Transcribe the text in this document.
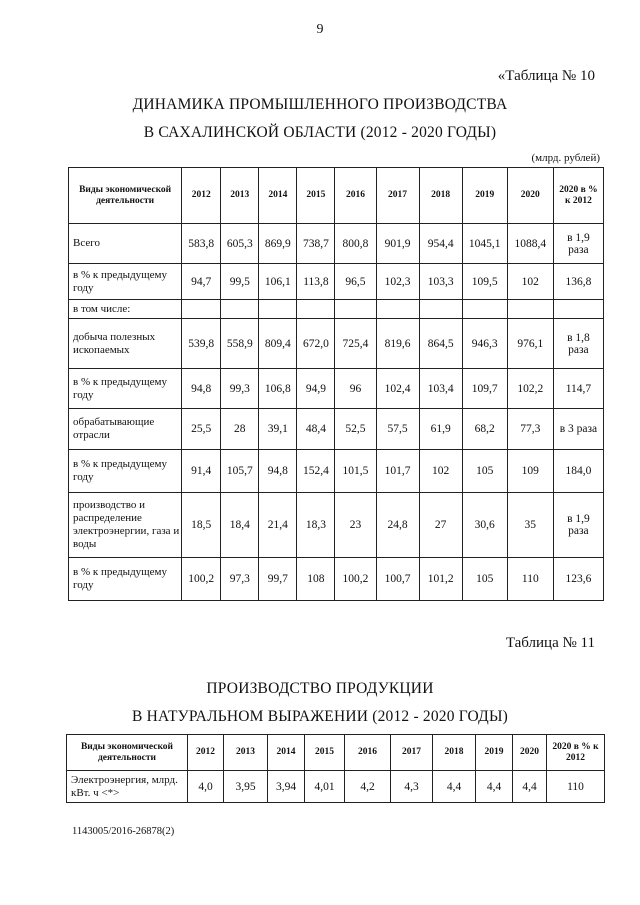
9
«Таблица № 10
ДИНАМИКА ПРОМЫШЛЕННОГО ПРОИЗВОДСТВА
В САХАЛИНСКОЙ ОБЛАСТИ (2012 - 2020 ГОДЫ)
(млрд. рублей)
Виды экономической деятельности	2012	2013	2014	2015	2016	2017	2018	2019	2020	2020 в % к 2012
Всего	583,8	605,3	869,9	738,7	800,8	901,9	954,4	1045,1	1088,4	в 1,9 раза
в % к предыдущему году	94,7	99,5	106,1	113,8	96,5	102,3	103,3	109,5	102	136,8
в том числе:										
добыча полезных ископаемых	539,8	558,9	809,4	672,0	725,4	819,6	864,5	946,3	976,1	в 1,8 раза
в % к предыдущему году	94,8	99,3	106,8	94,9	96	102,4	103,4	109,7	102,2	114,7
обрабатывающие отрасли	25,5	28	39,1	48,4	52,5	57,5	61,9	68,2	77,3	в 3 раза
в % к предыдущему году	91,4	105,7	94,8	152,4	101,5	101,7	102	105	109	184,0
производство и распределение электроэнергии, газа и воды	18,5	18,4	21,4	18,3	23	24,8	27	30,6	35	в 1,9 раза
в % к предыдущему году	100,2	97,3	99,7	108	100,2	100,7	101,2	105	110	123,6
Таблица № 11
ПРОИЗВОДСТВО ПРОДУКЦИИ
В НАТУРАЛЬНОМ ВЫРАЖЕНИИ (2012 - 2020 ГОДЫ)
Виды экономической деятельности	2012	2013	2014	2015	2016	2017	2018	2019	2020	2020 в % к 2012
Электроэнергия, млрд. кВт. ч <*>	4,0	3,95	3,94	4,01	4,2	4,3	4,4	4,4	4,4	110
1143005/2016-26878(2)
